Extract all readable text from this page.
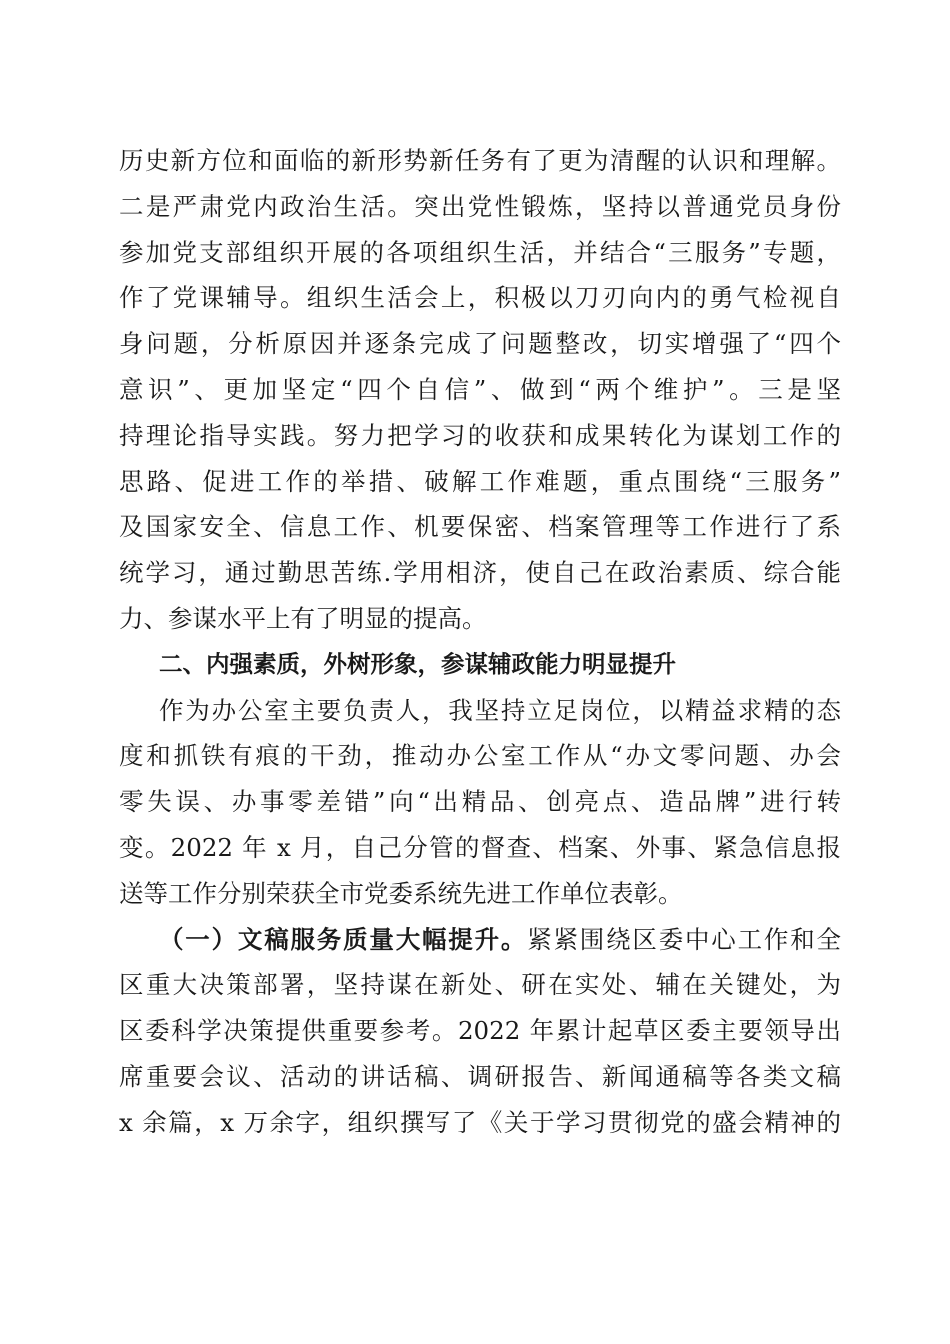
历史新方位和面临的新形势新任务有了更为清醒的认识和理解。
二是严肃党内政治生活。突出党性锻炼，坚持以普通党员身份
参加党支部组织开展的各项组织生活，并结合“三服务”专题，
作了党课辅导。组织生活会上，积极以刀刃向内的勇气检视自
身问题，分析原因并逐条完成了问题整改，切实增强了“四个
意识”、更加坚定“四个自信”、做到“两个维护”。三是坚
持理论指导实践。努力把学习的收获和成果转化为谋划工作的
思路、促进工作的举措、破解工作难题，重点围绕“三服务”
及国家安全、信息工作、机要保密、档案管理等工作进行了系
统学习，通过勤思苦练.学用相济，使自己在政治素质、综合能
力、参谋水平上有了明显的提高。
二、内强素质，外树形象，参谋辅政能力明显提升
作为办公室主要负责人，我坚持立足岗位，以精益求精的态
度和抓铁有痕的干劲，推动办公室工作从“办文零问题、办会
零失误、办事零差错”向“出精品、创亮点、造品牌”进行转
变。2022 年 x 月，自己分管的督查、档案、外事、紧急信息报
送等工作分别荣获全市党委系统先进工作单位表彰。
（一）文稿服务质量大幅提升。紧紧围绕区委中心工作和全
区重大决策部署，坚持谋在新处、研在实处、辅在关键处，为
区委科学决策提供重要参考。2022 年累计起草区委主要领导出
席重要会议、活动的讲话稿、调研报告、新闻通稿等各类文稿
x 余篇，x 万余字，组织撰写了《关于学习贯彻党的盛会精神的
